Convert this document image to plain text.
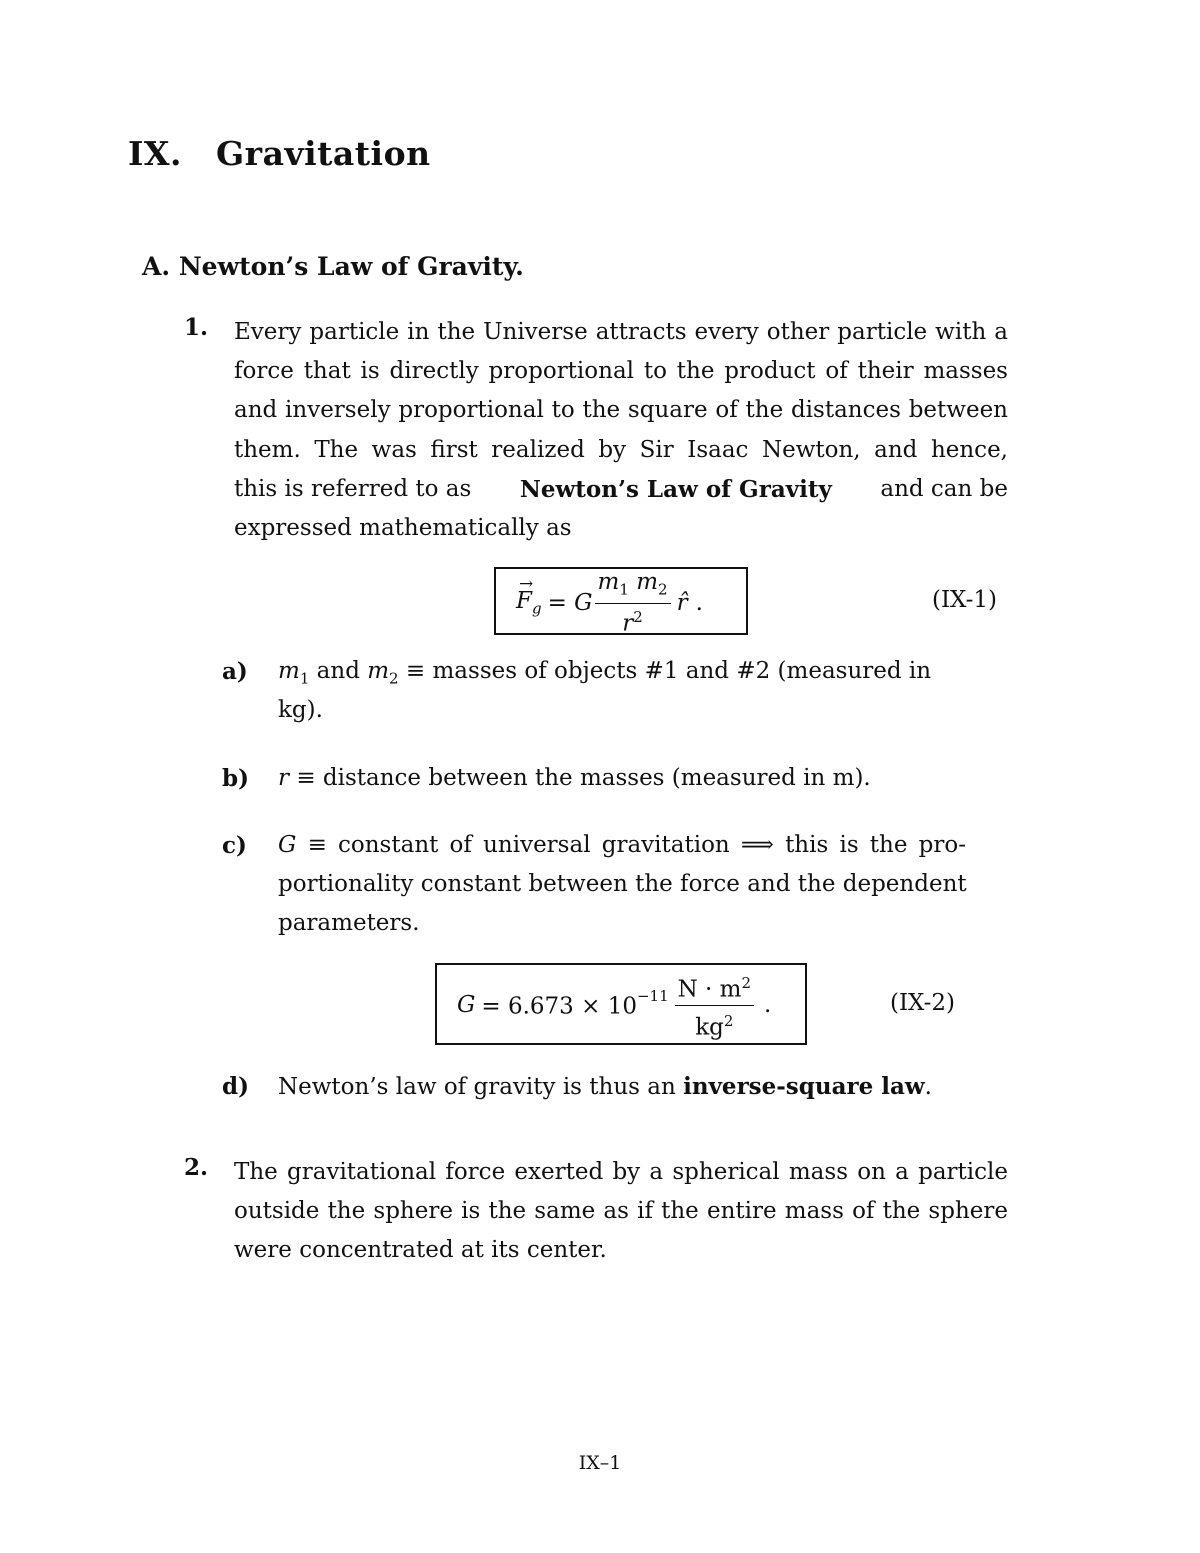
IX. Gravitation
A. Newton’s Law of Gravity.
1. Every particle in the Universe attracts every other particle with a
force that is directly proportional to the product of their masses
and inversely proportional to the square of the distances between
them. The was first realized by Sir Isaac Newton, and hence,
this is referred to as Newton’s Law of Gravity and can be
expressed mathematically as
→
$F_g = G \frac{m_1 m_2}{r^2}$ r̂ .	(IX-1)
a) $m_1$ and $m_2$ ≡ masses of objects #1 and #2 (measured in
kg).
b) r ≡ distance between the masses (measured in m).
c) G ≡ constant of universal gravitation ⟹ this is the pro-
portionality constant between the force and the dependent
parameters.
$G = 6.673 \times 10^{-11} \frac{N \cdot m^2}{kg^2}$ .	(IX-2)
d) Newton’s law of gravity is thus an inverse-square law.
2. The gravitational force exerted by a spherical mass on a particle
outside the sphere is the same as if the entire mass of the sphere
were concentrated at its center.
IX–1
